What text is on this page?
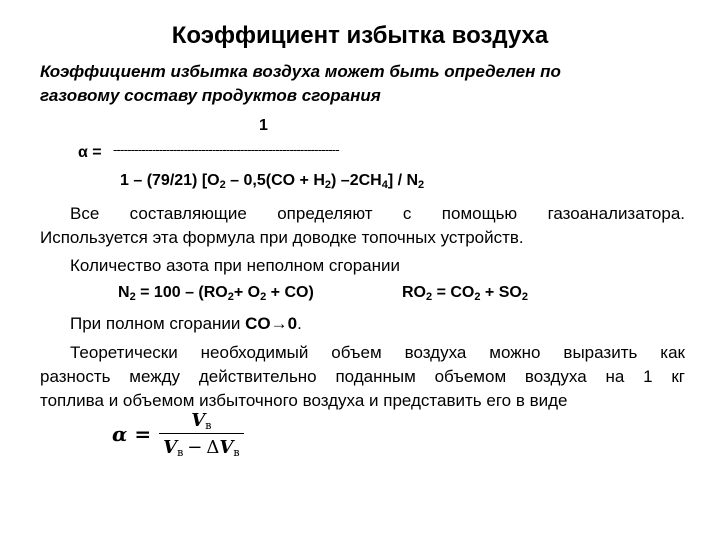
Коэффициент избытка воздуха
Коэффициент избытка воздуха может быть определен по
газовому составу продуктов сгорания
1
α = ----------------------------------------------------------------
1 – (79/21) [$O_2 - 0,5(CO + H_2)$ $-2CH_4] / N_2$
Все составляющие определяют с помощью газоанализатора.
Используется эта формула при доводке топочных устройств.
Количество азота при неполном сгорании
$N_2 = 100 - (RO_2+ O_2 + CO)$	$RO_2 = CO_2 + SO_2$
При полном сгорании CO→0.
Теоретически необходимый объем воздуха можно выразить как
разность между действительно поданным объемом воздуха на 1 кг
топлива и объемом избыточного воздуха и представить его в виде
$\alpha = \frac{V_в}{V_в - \Delta V_в}$
